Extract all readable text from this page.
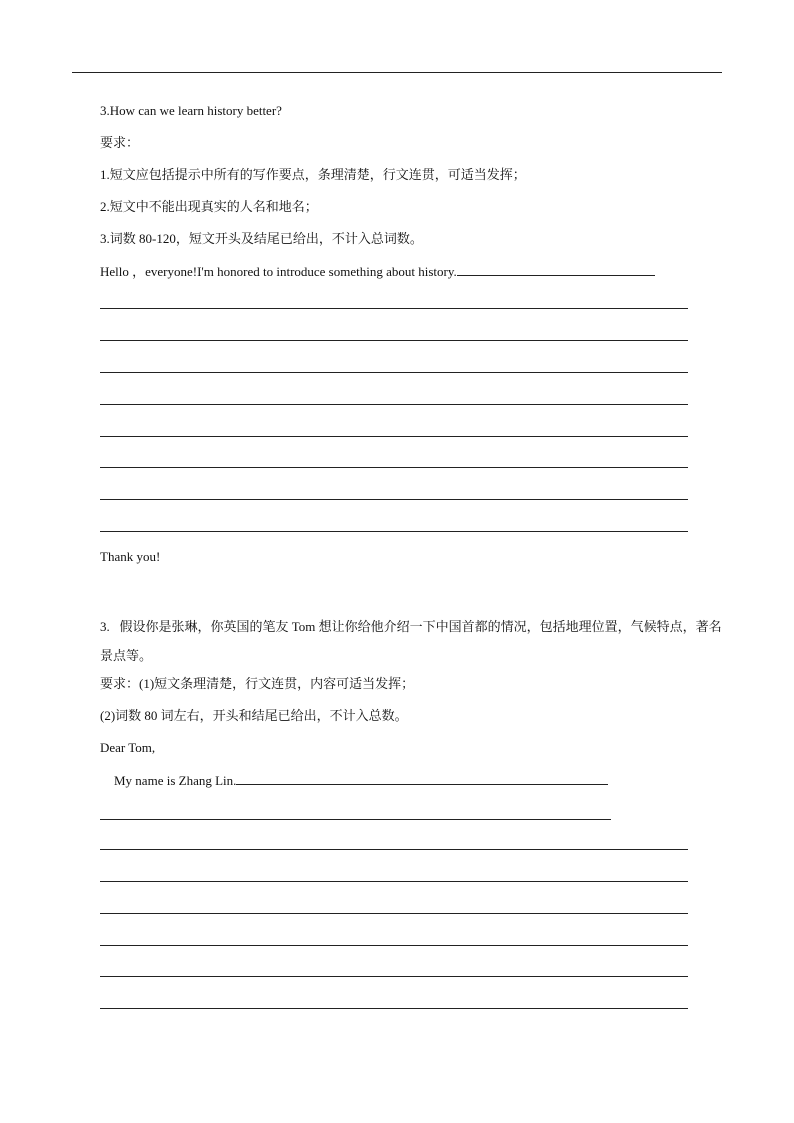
3.How can we learn history better?
要求：
1.短文应包括提示中所有的写作要点，条理清楚，行文连贯，可适当发挥；
2.短文中不能出现真实的人名和地名；
3.词数 80-120，短文开头及结尾已给出，不计入总词数。
Hello ，everyone!I'm honored to introduce something about history.
Thank you!
3. 假设你是张琳，你英国的笔友 Tom 想让你给他介绍一下中国首都的情况，包括地理位置，气候特点，著名景点等。
要求：(1)短文条理清楚，行文连贯，内容可适当发挥；
(2)词数 80 词左右，开头和结尾已给出，不计入总数。
Dear Tom,
My name is Zhang Lin.
